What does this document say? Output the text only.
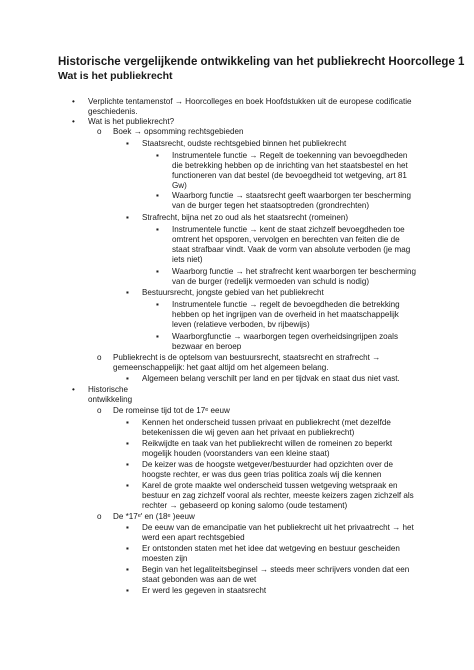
Historische vergelijkende ontwikkeling van het publiekrecht Hoorcollege 1
Wat is het publiekrecht
• Verplichte tentamenstof → Hoorcolleges en boek Hoofdstukken uit de europese codificatie
geschiedenis.
• Wat is het publiekrecht?
o Boek → opsomming rechtsgebieden
▪ Staatsrecht, oudste rechtsgebied binnen het publiekrecht
▪ Instrumentele functie → Regelt de toekenning van bevoegdheden
die betrekking hebben op de inrichting van het staatsbestel en het
functioneren van dat bestel (de bevoegdheid tot wetgeving, art 81
Gw)
▪ Waarborg functie → staatsrecht geeft waarborgen ter bescherming
van de burger tegen het staatsoptreden (grondrechten)
▪ Strafrecht, bijna net zo oud als het staatsrecht (romeinen)
▪ Instrumentele functie → kent de staat zichzelf bevoegdheden toe
omtrent het opsporen, vervolgen en berechten van feiten die de
staat strafbaar vindt. Vaak de vorm van absolute verboden (je mag
iets niet)
▪ Waarborg functie → het strafrecht kent waarborgen ter bescherming
van de burger (redelijk vermoeden van schuld is nodig)
▪ Bestuursrecht, jongste gebied van het publiekrecht
▪ Instrumentele functie → regelt de bevoegdheden die betrekking
hebben op het ingrijpen van de overheid in het maatschappelijk
leven (relatieve verboden, bv rijbewijs)
▪ Waarborgfunctie → waarborgen tegen overheidsingrijpen zoals
bezwaar en beroep
o Publiekrecht is de optelsom van bestuursrecht, staatsrecht en strafrecht →
gemeenschappelijk: het gaat altijd om het algemeen belang.
▪ Algemeen belang verschilt per land en per tijdvak en staat dus niet vast.
• Historische
ontwikkeling
o De romeinse tijd tot de 17ᵉ eeuw
▪ Kennen het onderscheid tussen privaat en publiekrecht (met dezelfde
betekenissen die wij geven aan het privaat en publiekrecht)
▪ Reikwijdte en taak van het publiekrecht willen de romeinen zo beperkt
mogelijk houden (voorstanders van een kleine staat)
▪ De keizer was de hoogste wetgever/bestuurder had opzichten over de
hoogste rechter, er was dus geen trias politica zoals wij die kennen
▪ Karel de grote maakte wel onderscheid tussen wetgeving wetspraak en
bestuur en zag zichzelf vooral als rechter, meeste keizers zagen zichzelf als
rechter → gebaseerd op koning salomo (oude testament)
o De *17ᵉ' en (18ᵉ )eeuw
▪ De eeuw van de emancipatie van het publiekrecht uit het privaatrecht → het
werd een apart rechtsgebied
▪ Er ontstonden staten met het idee dat wetgeving en bestuur gescheiden
moesten zijn
▪ Begin van het legaliteitsbeginsel → steeds meer schrijvers vonden dat een
staat gebonden was aan de wet
▪ Er werd les gegeven in staatsrecht
